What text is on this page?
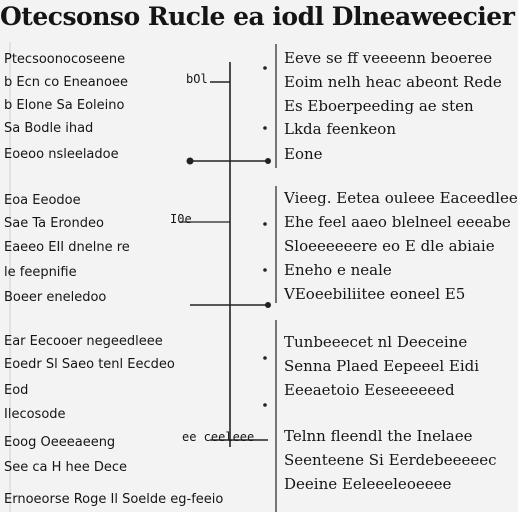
Otecsonso Rucle ea iodl Dlneaweecier
bOl
I0e
ee ceeleee
Ptecsoonocoseene
b Ecn co Eneanoee
b Elone Sa Eoleino
Sa Bodle ihad
Eoeoo nsleeladoe
Eoa Eeodoe
Sae Ta Erondeo
Eaeeo EII dnelne re
le feepnifie
Boeer eneledoo
Ear Eecooer negeedleee
Eoedr Sl Saeo tenl Eecdeo
Eod
Ilecosode
Eoog Oeeeaeeng
See ca H hee Dece
Ernoeorse Roge Il Soelde eg-feeio
Eeve se ff veeeenn beoeree
Eoim nelh heac abeont Rede
Es Eboerpeeding ae sten
Lkda feenkeon
Eone
Vieeg. Eetea ouleee Eaceedlee
Ehe feel aaeo blelneel eeeabe
Sloeeeeeere eo E dle abiaie
Eneho e neale
VEoeebiliitee eoneel E5
Tunbeeecet nl Deeceine
Senna Plaed Eepeeel Eidi
Eeeaetoio Eeseeeeeed
Telnn fleendl the Inelaee
Seenteene Si Eerdebeeeeec
Deeine Eeleeeleoeeee
